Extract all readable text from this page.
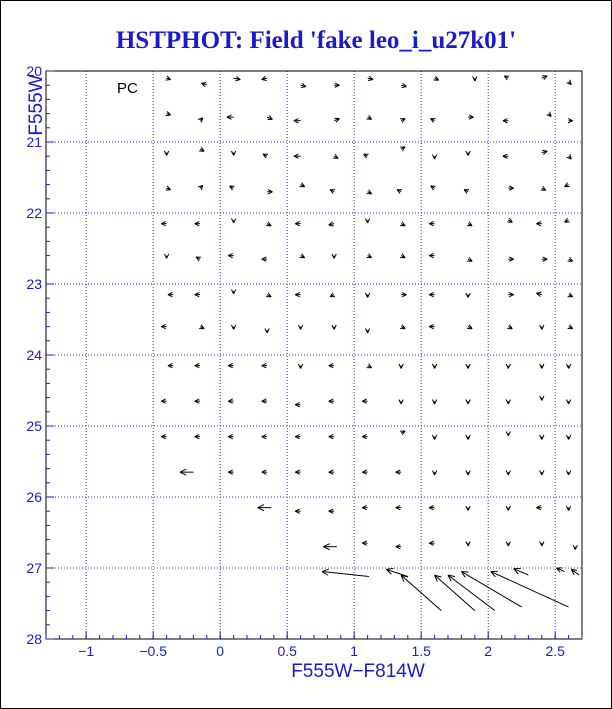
HSTPHOT: Field 'fake leo_i_u27k01'
−1	−0.5	0	0.5	1	1.5	2	2.5
20
21
22
23
24
25
26
27
28
PC
F555W−F814W
F555W
